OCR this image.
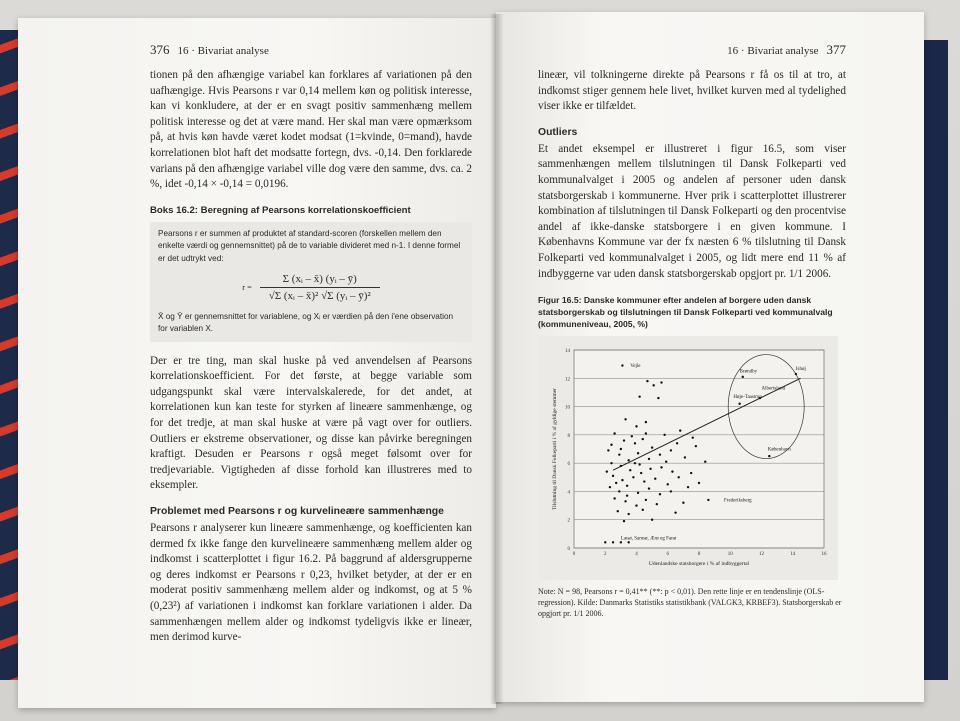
376 16 · Bivariat analyse

tionen på den afhængige variabel kan forklares af variationen på den uafhængige. Hvis Pearsons r var 0,14 mellem køn og politisk interesse, kan vi konkludere, at der er en svagt positiv sammenhæng mellem politisk interesse og det at være mand. Her skal man være opmærksom på, at hvis køn havde været kodet modsat (1=kvinde, 0=mand), havde korrelationen blot haft det modsatte fortegn, dvs. -0,14. Den forklarede varians på den afhængige variabel ville dog være den samme, dvs. ca. 2 %, idet -0,14 × -0,14 = 0,0196.

Boks 16.2: Beregning af Pearsons korrelationskoefficient
Pearsons r er summen af produktet af standard-scoren (forskellen mellem den enkelte værdi og gennemsnittet) på de to variable divideret med n-1. I denne formel er det udtrykt ved:
$r = \frac{\text{Σ (xᵢ – x̄) (yᵢ – ȳ)}}{\text{√Σ (xᵢ – x̄)² √Σ (yᵢ – ȳ)²}}$
X̄ og Ȳ er gennemsnittet for variablene, og Xᵢ er værdien på den i'ene observation for variablen X.

Der er tre ting, man skal huske på ved anvendelsen af Pearsons korrelationskoefficient. For det første, at begge variable som udgangspunkt skal være intervalskalerede, for det andet, at korrelationen kun kan teste for styrken af lineære sammenhænge, og for det tredje, at man skal huske at være på vagt over for outliers. Outliers er ekstreme observationer, og disse kan påvirke beregningen kraftigt. Desuden er Pearsons r også meget følsomt over for tredjevariable. Vigtigheden af disse forhold kan illustreres med to eksempler.

Problemet med Pearsons r og kurvelineære sammenhænge

Pearsons r analyserer kun lineære sammenhænge, og koefficienten kan dermed fx ikke fange den kurvelineære sammenhæng mellem alder og indkomst i scatterplottet i figur 16.2. På baggrund af aldersgrupperne og deres indkomst er Pearsons r 0,23, hvilket betyder, at der er en moderat positiv sammenhæng mellem alder og indkomst, og at 5 % (0,23²) af variationen i indkomst kan forklare variationen i alder. Da sammenhængen mellem alder og indkomst tydeligvis ikke er lineær, men derimod kurve-

16 · Bivariat analyse 377

lineær, vil tolkningerne direkte på Pearsons r få os til at tro, at indkomst stiger gennem hele livet, hvilket kurven med al tydelighed viser ikke er tilfældet.

Outliers

Et andet eksempel er illustreret i figur 16.5, som viser sammenhængen mellem tilslutningen til Dansk Folkeparti ved kommunalvalget i 2005 og andelen af personer uden dansk statsborgerskab i kommunerne. Hver prik i scatterplottet illustrerer kombination af tilslutningen til Dansk Folkeparti og den procentvise andel af ikke-danske statsborgere i en given kommune. I Københavns Kommune var der fx næsten 6 % tilslutning til Dansk Folkeparti ved kommunalvalget i 2005, og lidt mere end 11 % af indbyggerne var uden dansk statsborgerskab opgjort pr. 1/1 2006.

Figur 16.5: Danske kommuner efter andelen af borgere uden dansk statsborgerskab og tilslutningen til Dansk Folkeparti ved kommunalvalg (kommuneniveau, 2005, %)
0
2
4
6
8
10
12
14
0	2	4	6	8	10	12	14	16
Udenlandske statsborgere i % af indbyggertal
Tilslutning til Dansk Folkeparti i % af gyldige stemmer
Vejle
Brøndby
Ishøj
Albertslund
Høje-Taastrup
København
Frederiksberg
Læsø, Samsø, Ærø og Fanø
Note: N = 98, Pearsons r = 0,41** (**: p < 0,01). Den rette linje er en tendenslinje (OLS-regression). Kilde: Danmarks Statistiks statistikbank (VALGK3, KRBEF3). Statsborgerskab er opgjort pr. 1/1 2006.
